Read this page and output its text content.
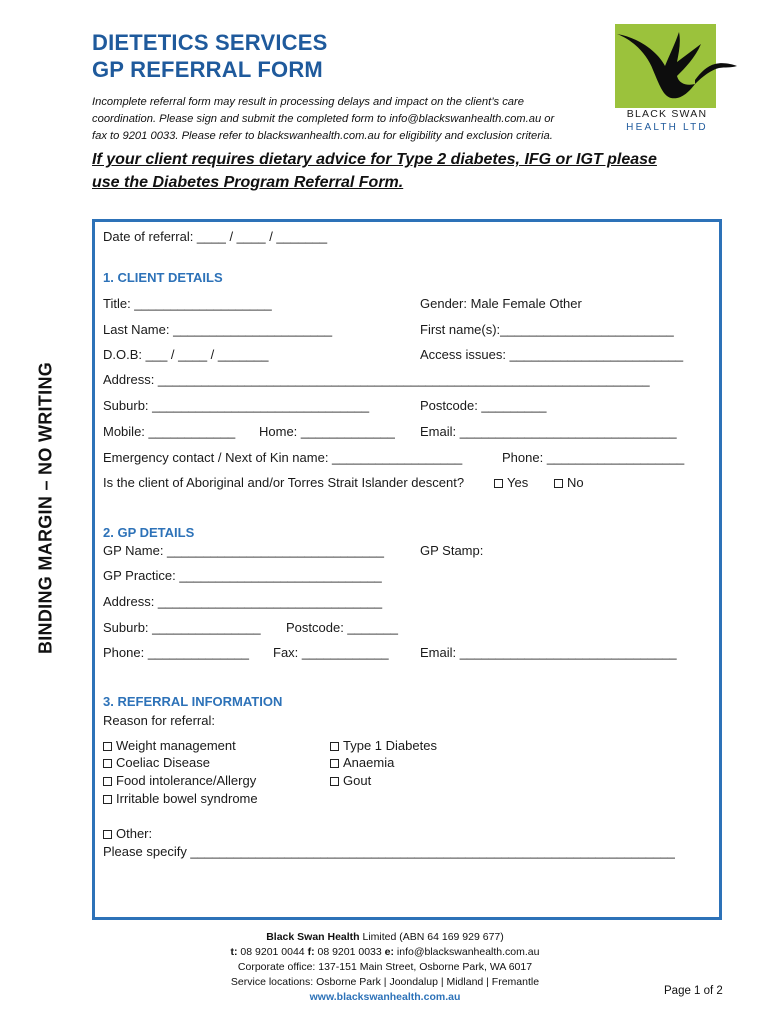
DIETETICS SERVICES
GP REFERRAL FORM
Incomplete referral form may result in processing delays and impact on the client’s care
coordination. Please sign and submit the completed form to info@blackswanhealth.com.au or
fax to 9201 0033. Please refer to blackswanhealth.com.au for eligibility and exclusion criteria.
BLACK SWAN
HEALTH LTD
If your client requires dietary advice for Type 2 diabetes, IFG or IGT please
use the Diabetes Program Referral Form.
BINDING MARGIN – NO WRITING
Date of referral: ____ / ____ / _______
1. CLIENT DETAILS
Title: ___________________	Gender: Male Female Other
Last Name: ______________________	First name(s):________________________
D.O.B: ___ / ____ / _______	Access issues: ________________________
Address: ____________________________________________________________________
Suburb: ______________________________	Postcode: _________
Mobile: ____________ Home: _____________ Email: ______________________________
Emergency contact / Next of Kin name: __________________	Phone: ___________________
Is the client of Aboriginal and/or Torres Strait Islander descent?	Yes	No
2. GP DETAILS
GP Name: ______________________________	GP Stamp:
GP Practice: ____________________________
Address: _______________________________
Suburb: _______________ Postcode: _______
Phone: ______________ Fax: ____________ Email: ______________________________
3. REFERRAL INFORMATION
Reason for referral:
Weight management
Coeliac Disease
Food intolerance/Allergy
Irritable bowel syndrome
Type 1 Diabetes
Anaemia
Gout
Other:
Please specify ___________________________________________________________________
Black Swan Health Limited (ABN 64 169 929 677)
t: 08 9201 0044 f: 08 9201 0033 e: info@blackswanhealth.com.au
Corporate office: 137-151 Main Street, Osborne Park, WA 6017
Service locations: Osborne Park | Joondalup | Midland | Fremantle
www.blackswanhealth.com.au	Page 1 of 2
